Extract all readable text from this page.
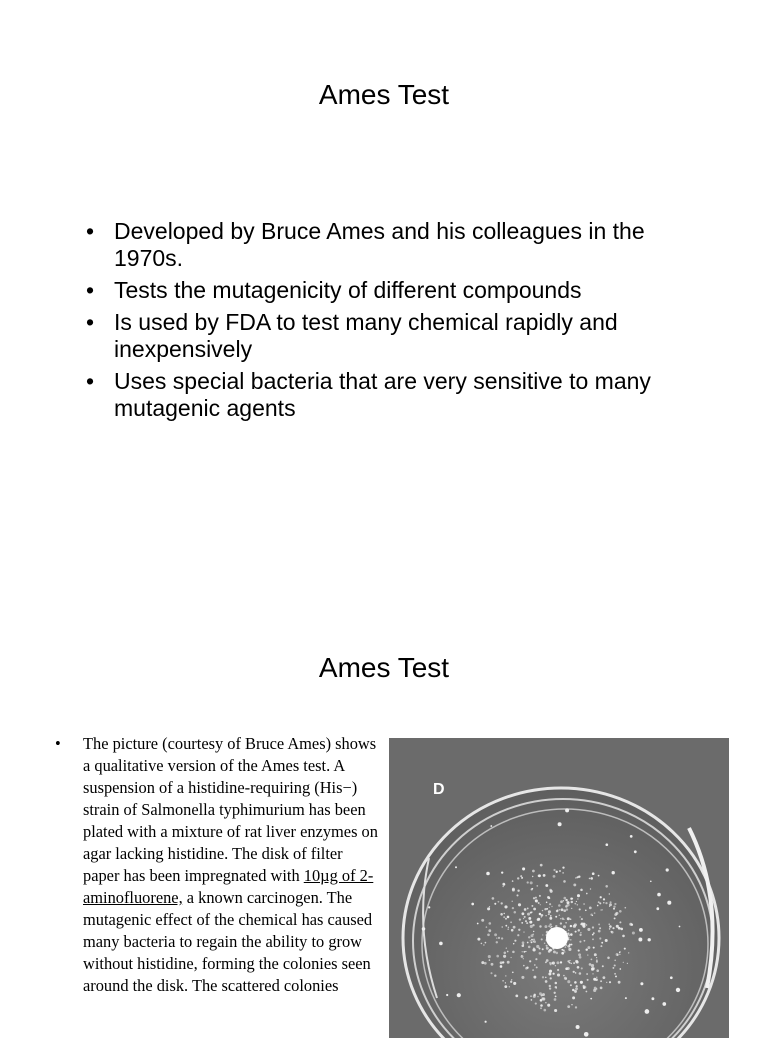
Ames Test
• Developed by Bruce Ames and his colleagues in the 1970s.
• Tests the mutagenicity of different compounds
• Is used by FDA to test many chemical rapidly and inexpensively
• Uses special bacteria that are very sensitive to many mutagenic agents
Ames Test
• The picture (courtesy of Bruce Ames) shows a qualitative version of the Ames test. A suspension of a histidine-requiring (His−) strain of Salmonella typhimurium has been plated with a mixture of rat liver enzymes on agar lacking histidine. The disk of filter paper has been impregnated with 10µg of 2-aminofluorene, a known carcinogen. The mutagenic effect of the chemical has caused many bacteria to regain the ability to grow without histidine, forming the colonies seen around the disk. The scattered colonies
D
